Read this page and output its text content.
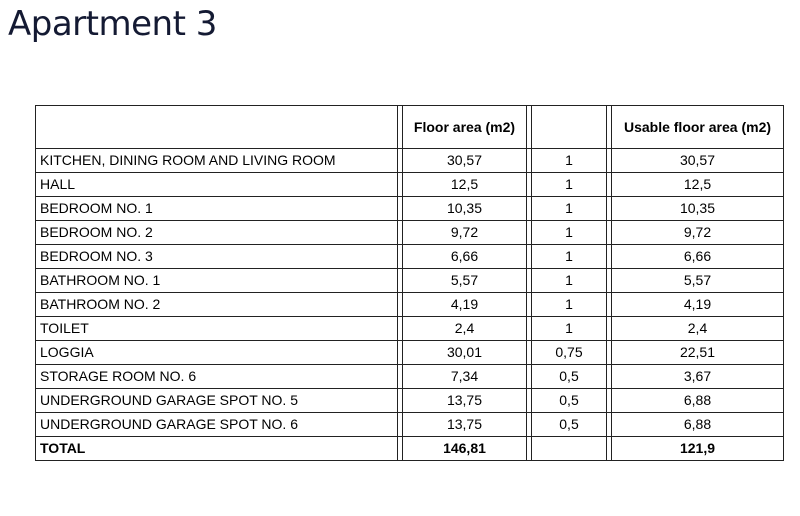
Apartment 3
		Floor area (m2)				Usable floor area (m2)
KITCHEN, DINING ROOM AND LIVING ROOM		30,57		1		30,57
HALL		12,5		1		12,5
BEDROOM NO. 1		10,35		1		10,35
BEDROOM NO. 2		9,72		1		9,72
BEDROOM NO. 3		6,66		1		6,66
BATHROOM NO. 1		5,57		1		5,57
BATHROOM NO. 2		4,19		1		4,19
TOILET		2,4		1		2,4
LOGGIA		30,01		0,75		22,51
STORAGE ROOM NO. 6		7,34		0,5		3,67
UNDERGROUND GARAGE SPOT NO. 5		13,75		0,5		6,88
UNDERGROUND GARAGE SPOT NO. 6		13,75		0,5		6,88
TOTAL		146,81				121,9
